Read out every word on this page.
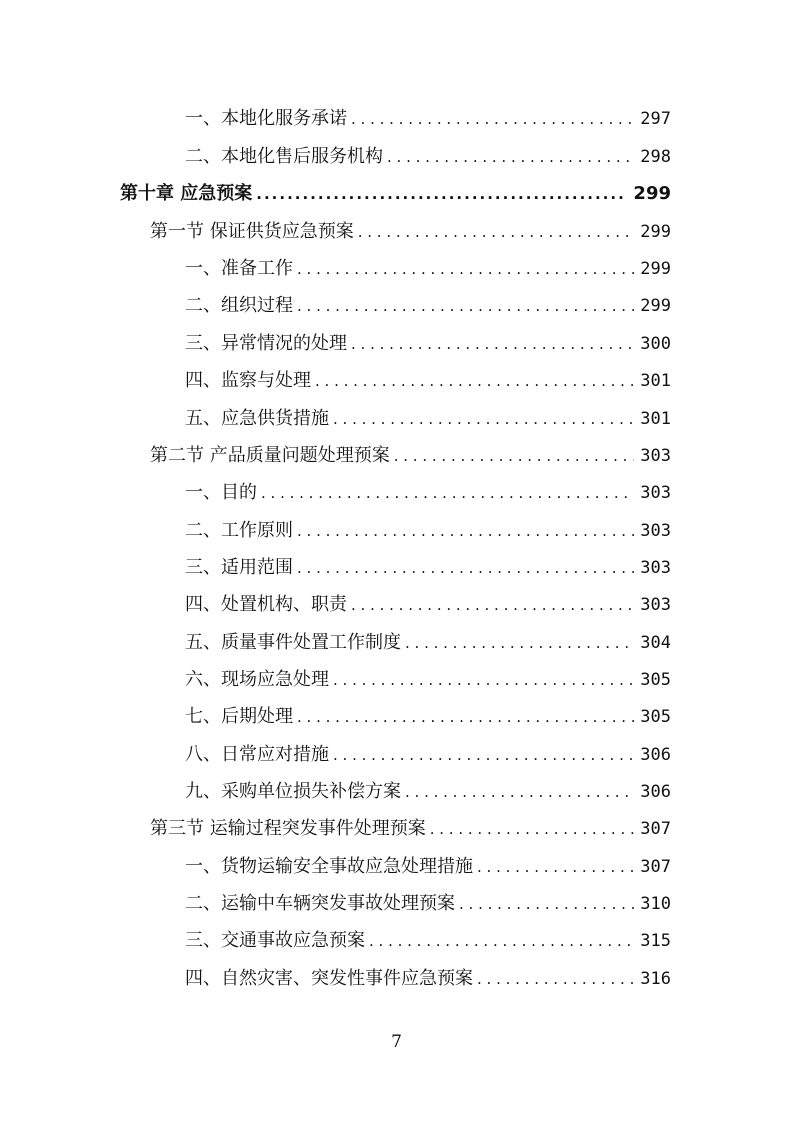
一、本地化服务承诺 . . .	297
二、本地化售后服务机构 . . .	298
第十章 应急预案 .....	299
第一节 保证供货应急预案 . . .	299
一、准备工作 . . .	299
二、组织过程 . . .	299
三、异常情况的处理 . . .	300
四、监察与处理 . . .	301
五、应急供货措施 . . .	301
第二节 产品质量问题处理预案 . . .	303
一、目的 . . .	303
二、工作原则 . . .	303
三、适用范围 . . .	303
四、处置机构、职责 . . .	303
五、质量事件处置工作制度 . . .	304
六、现场应急处理 . . .	305
七、后期处理 . . .	305
八、日常应对措施 . . .	306
九、采购单位损失补偿方案 . . .	306
第三节 运输过程突发事件处理预案 . . .	307
一、货物运输安全事故应急处理措施 . . .	307
二、运输中车辆突发事故处理预案 . . .	310
三、交通事故应急预案 . . .	315
四、自然灾害、突发性事件应急预案 . . .	316
7
